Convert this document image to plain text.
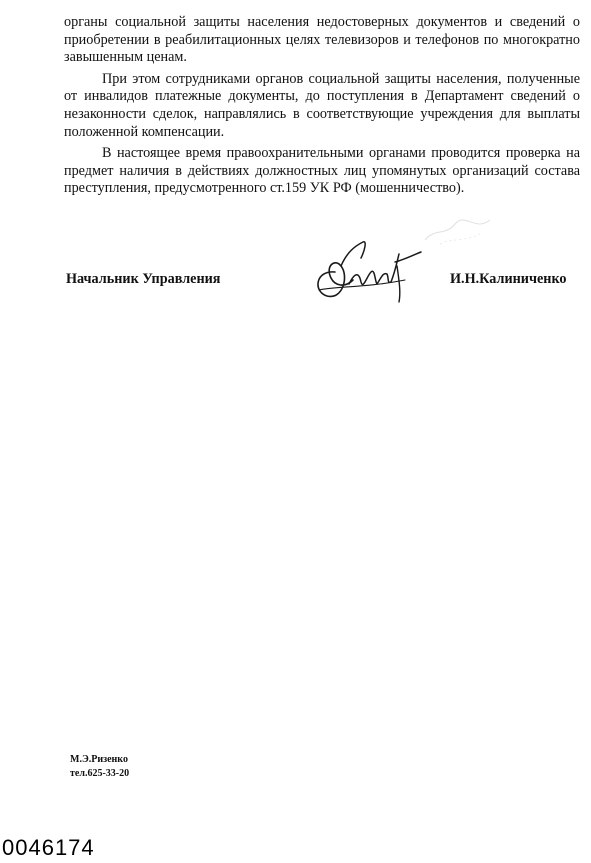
органы социальной защиты населения недостоверных документов и сведений о приобретении в реабилитационных целях телевизоров и телефонов по многократно завышенным ценам.

При этом сотрудниками органов социальной защиты населения, полученные от инвалидов платежные документы, до поступления в Департамент сведений о незаконности сделок, направлялись в соответствующие учреждения для выплаты положенной компенсации.

В настоящее время правоохранительными органами проводится проверка на предмет наличия в действиях должностных лиц упомянутых организаций состава преступления, предусмотренного ст.159 УК РФ (мошенничество).

Начальник Управления	И.Н.Калиниченко
М.Э.Ризенко
тел.625-33-20
0046174
